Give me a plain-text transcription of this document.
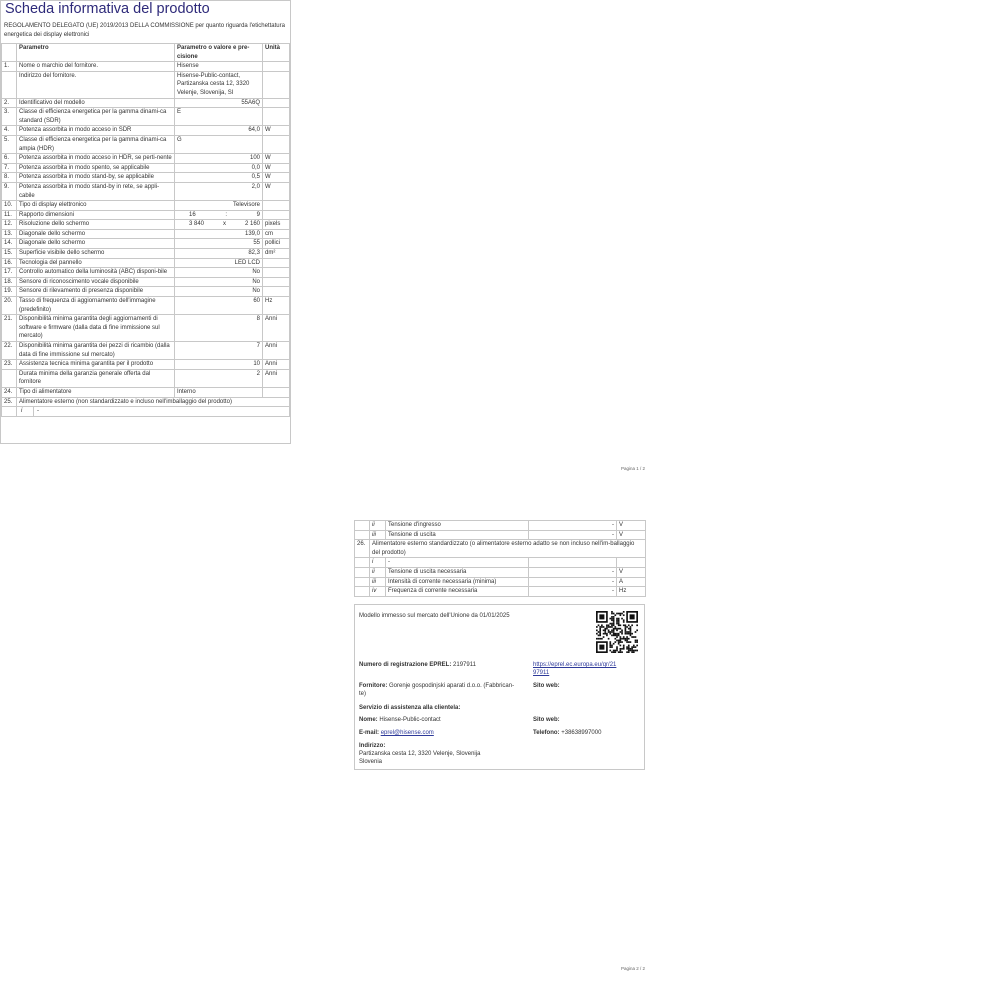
Scheda informativa del prodotto
REGOLAMENTO DELEGATO (UE) 2019/2013 DELLA COMMISSIONE per quanto riguarda l'etichettatura energetica dei display elettronici
	Parametro	Parametro o valore e pre-cisione	Unità
1.	Nome o marchio del fornitore.	Hisense	
	Indirizzo del fornitore.	Hisense-Public-contact, Partizanska cesta 12, 3320 Velenje, Slovenija, SI	
2.	Identificativo del modello	55A6Q	
3.	Classe di efficienza energetica per la gamma dinami-ca standard (SDR)	E	
4.	Potenza assorbita in modo acceso in SDR	64,0	W
5.	Classe di efficienza energetica per la gamma dinami-ca ampia (HDR)	G	
6.	Potenza assorbita in modo acceso in HDR, se perti-nente	100	W
7.	Potenza assorbita in modo spento, se applicabile	0,0	W
8.	Potenza assorbita in modo stand-by, se applicabile	0,5	W
9.	Potenza assorbita in modo stand-by in rete, se appli-cabile	2,0	W
10.	Tipo di display elettronico	Televisore	
11.	Rapporto dimensioni	16 : 9	

12.	Risoluzione dello schermo	3 840 x 2 160	pixels
13.	Diagonale dello schermo	139,0	cm
14.	Diagonale dello schermo	55	pollici
15.	Superficie visibile dello schermo	82,3	dm²
16.	Tecnologia del pannello	LED LCD	
17.	Controllo automatico della luminosità (ABC) disponi-bile	No	
18.	Sensore di riconoscimento vocale disponibile	No	
19.	Sensore di rilevamento di presenza disponibile	No	
20.	Tasso di frequenza di aggiornamento dell'immagine (predefinito)	60	Hz
21.	Disponibilità minima garantita degli aggiornamenti di software e firmware (dalla data di fine immissione sul mercato)	8	Anni
22.	Disponibilità minima garantita dei pezzi di ricambio (dalla data di fine immissione sul mercato)	7	Anni
23.	Assistenza tecnica minima garantita per il prodotto	10	Anni
	Durata minima della garanzia generale offerta dal fornitore	2	Anni
24.	Tipo di alimentatore	Interno	
25.	Alimentatore esterno (non standardizzato e incluso nell'imballaggio del prodotto)		

	i -		
Pagina 1 / 2
	ii	Tensione d'ingresso	-	V
	iii	Tensione di uscita	-	V
26.	Alimentatore esterno standardizzato (o alimentatore esterno adatto se non incluso nell'im-ballaggio del prodotto)			
	i	-		
	ii	Tensione di uscita necessaria	-	V
	iii	Intensità di corrente necessaria (minima)	-	A
	iv	Frequenza di corrente necessaria	-	Hz
Modello immesso sul mercato dell'Unione da 01/01/2025
Numero di registrazione EPREL: 2197911	https://eprel.ec.europa.eu/qr/21
97911
Fornitore: Gorenje gospodinjski aparati d.o.o. (Fabbrican-
te)
Sito web:
Servizio di assistenza alla clientela:
Nome: Hisense-Public-contact	Sito web:
E-mail: eprel@hisense.com	Telefono: +38638997000
Indirizzo:
Partizanska cesta 12, 3320 Velenje, Slovenija
Slovenia
Pagina 2 / 2
